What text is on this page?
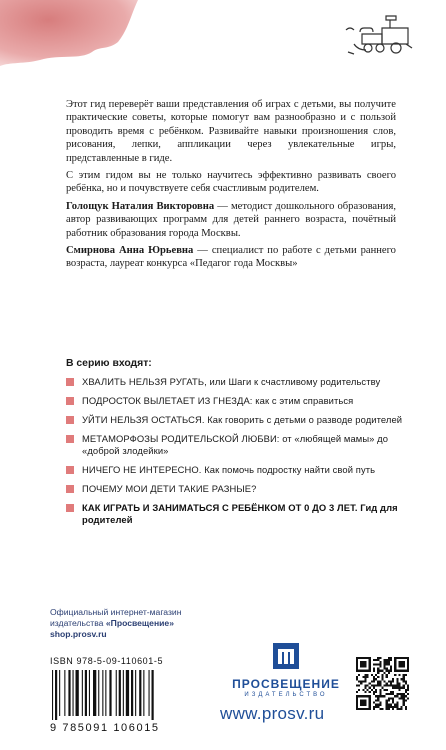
Этот гид переверёт ваши представления об играх с детьми, вы получите практические советы, которые помогут вам разнообразно и с пользой проводить время с ребёнком. Развивайте навыки произношения слов, рисования, лепки, аппликации через увлекательные игры, представленные в гиде.

С этим гидом вы не только научитесь эффективно развивать своего ребёнка, но и почувствуете себя счастливым родителем.

Голощук Наталия Викторовна — методист дошкольного образования, автор развивающих программ для детей раннего возраста, почётный работник образования города Москвы.

Смирнова Анна Юрьевна — специалист по работе с детьми раннего возраста, лауреат конкурса «Педагог года Москвы»

В серию входят:
ХВАЛИТЬ НЕЛЬЗЯ РУГАТЬ, или Шаги к счастливому родительству
ПОДРОСТОК ВЫЛЕТАЕТ ИЗ ГНЕЗДА: как с этим справиться
УЙТИ НЕЛЬЗЯ ОСТАТЬСЯ. Как говорить с детьми о разводе родителей
МЕТАМОРФОЗЫ РОДИТЕЛЬСКОЙ ЛЮБВИ: от «любящей мамы» до «доброй злодейки»
НИЧЕГО НЕ ИНТЕРЕСНО. Как помочь подростку найти свой путь
ПОЧЕМУ МОИ ДЕТИ ТАКИЕ РАЗНЫЕ?
КАК ИГРАТЬ И ЗАНИМАТЬСЯ С РЕБЁНКОМ ОТ 0 ДО 3 ЛЕТ. Гид для родителей
Официальный интернет-магазин
издательства «Просвещение»
shop.prosv.ru
ISBN 978-5-09-110601-5
9 785091 106015
ПРОСВЕЩЕНИЕ
ИЗДАТЕЛЬСТВО
www.prosv.ru
